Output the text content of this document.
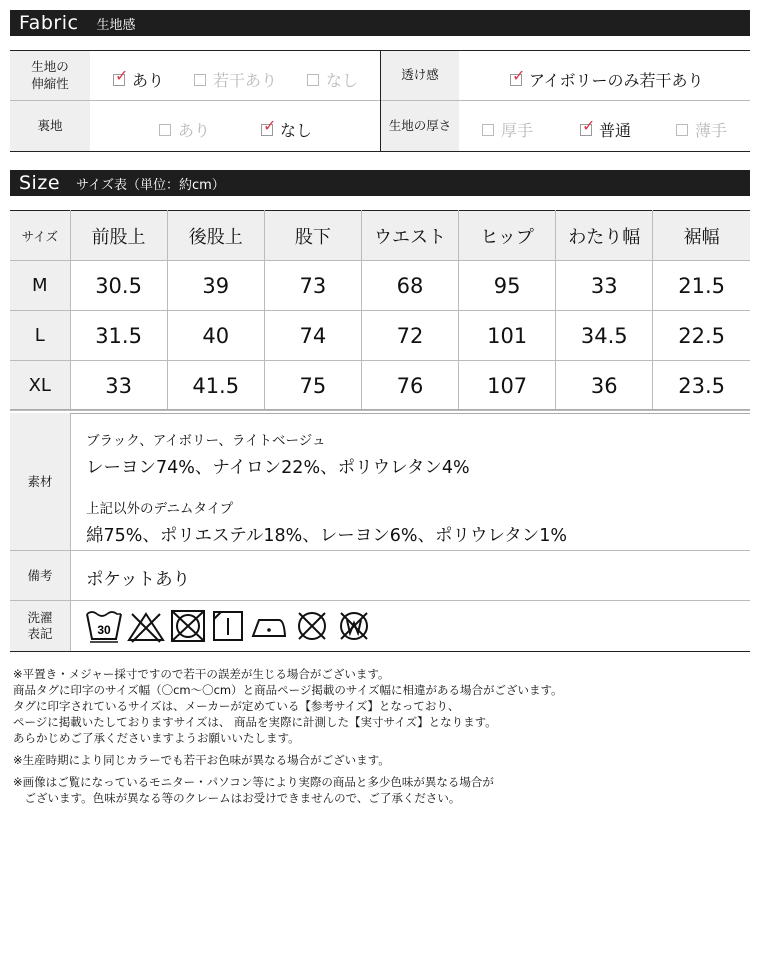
Fabric 生地感
生地の
伸縮性	✓ あり	若干あり	なし	透け感	✓ アイボリーのみ若干あり
裏地	あり	✓ なし	生地の厚さ	厚手	✓ 普通	薄手
Size サイズ表（単位：約cm）
サイズ	前股上	後股上	股下	ウエスト	ヒップ	わたり幅	裾幅
M	30.5	39	73	68	95	33	21.5
L	31.5	40	74	72	101	34.5	22.5
XL	33	41.5	75	76	107	36	23.5
素材
ブラック、アイボリー、ライトベージュ
レーヨン74%、ナイロン22%、ポリウレタン4%
上記以外のデニムタイプ
綿75%、ポリエステル18%、レーヨン6%、ポリウレタン1%
備考	ポケットあり
洗濯
表記	30
※平置き・メジャー採寸ですので若干の誤差が生じる場合がございます。
商品タグに印字のサイズ幅（〇cm〜〇cm）と商品ページ掲載のサイズ幅に相違がある場合がございます。
タグに印字されているサイズは、メーカーが定めている【参考サイズ】となっており、
ページに掲載いたしておりますサイズは、 商品を実際に計測した【実寸サイズ】となります。
あらかじめご了承くださいますようお願いいたします。
※生産時期により同じカラーでも若干お色味が異なる場合がございます。
※画像はご覧になっているモニター・パソコン等により実際の商品と多少色味が異なる場合が
　ございます。色味が異なる等のクレームはお受けできませんので、ご了承ください。
